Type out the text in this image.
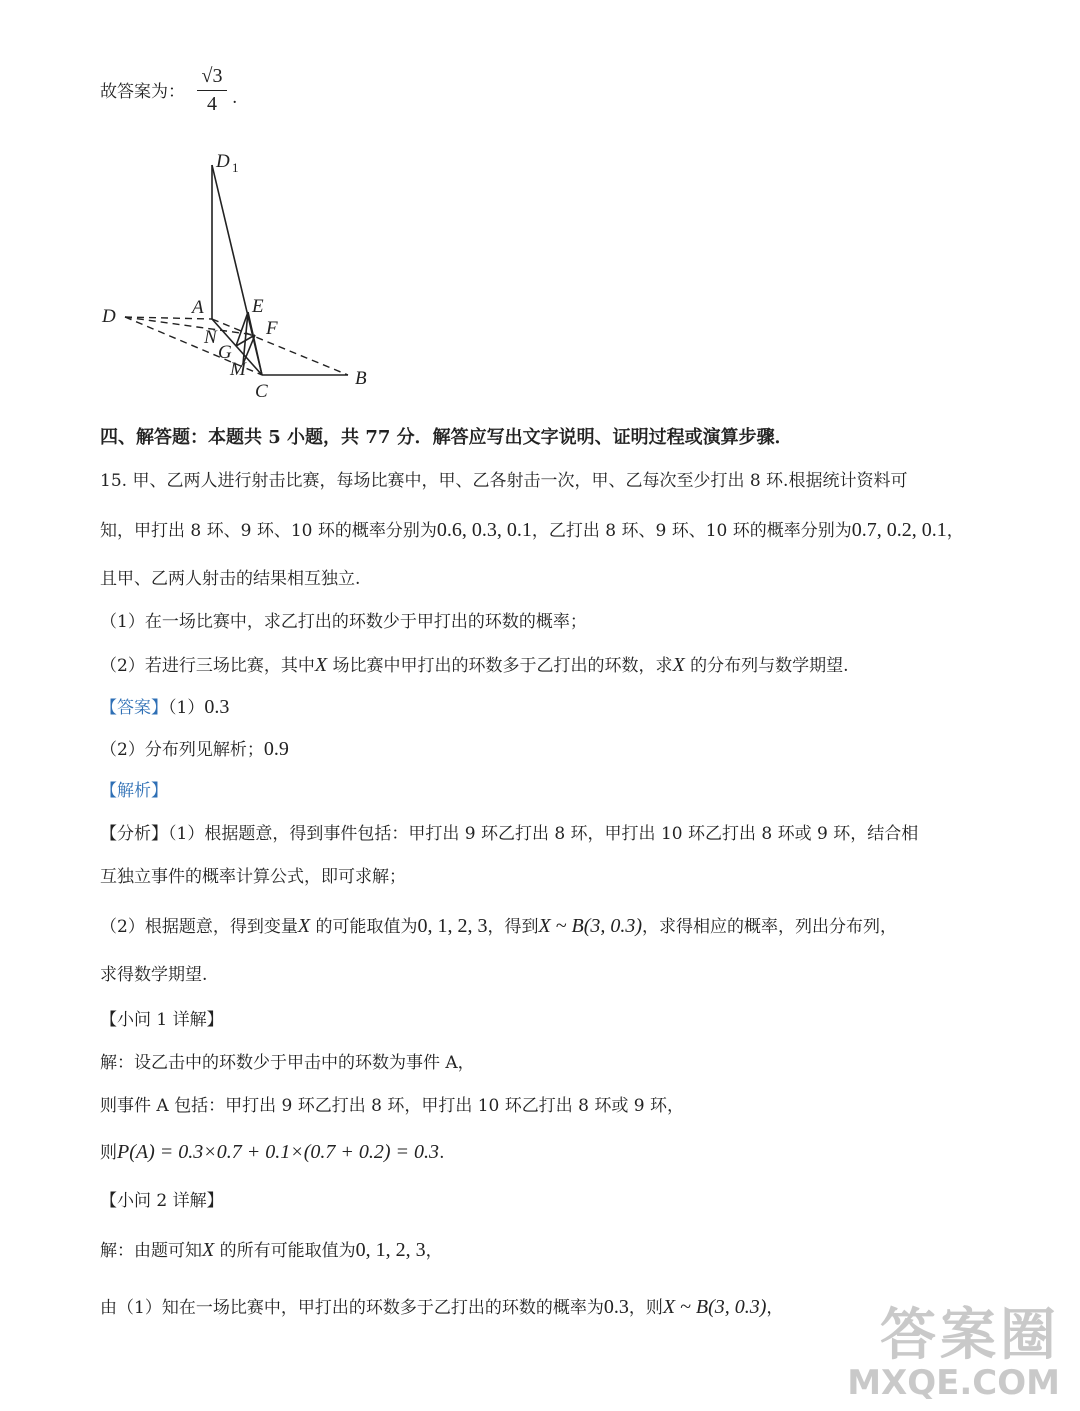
故答案为：
√3
4 .
D 1
A	E
F
D
N
G
M
C
B
四、解答题：本题共 5 小题，共 77 分．解答应写出文字说明、证明过程或演算步骤．
15. 甲、乙两人进行射击比赛，每场比赛中，甲、乙各射击一次，甲、乙每次至少打出 8 环.根据统计资料可
知，甲打出 8 环、9 环、10 环的概率分别为0.6, 0.3, 0.1，乙打出 8 环、9 环、10 环的概率分别为0.7, 0.2, 0.1，
且甲、乙两人射击的结果相互独立.
（1）在一场比赛中，求乙打出的环数少于甲打出的环数的概率；
（2）若进行三场比赛，其中X 场比赛中甲打出的环数多于乙打出的环数，求X 的分布列与数学期望.
【答案】（1）0.3
（2）分布列见解析；0.9
【解析】
【分析】（1）根据题意，得到事件包括：甲打出 9 环乙打出 8 环，甲打出 10 环乙打出 8 环或 9 环，结合相
互独立事件的概率计算公式，即可求解；
（2）根据题意，得到变量X 的可能取值为0, 1, 2, 3，得到X ~ B(3, 0.3)，求得相应的概率，列出分布列，
求得数学期望.
【小问 1 详解】
解：设乙击中的环数少于甲击中的环数为事件 A，
则事件 A 包括：甲打出 9 环乙打出 8 环，甲打出 10 环乙打出 8 环或 9 环，
则P(A) = 0.3×0.7 + 0.1×(0.7 + 0.2) = 0.3.
【小问 2 详解】
解：由题可知X 的所有可能取值为0, 1, 2, 3，
由（1）知在一场比赛中，甲打出的环数多于乙打出的环数的概率为0.3，则X ~ B(3, 0.3)，	答案圈
MXQE.COM
